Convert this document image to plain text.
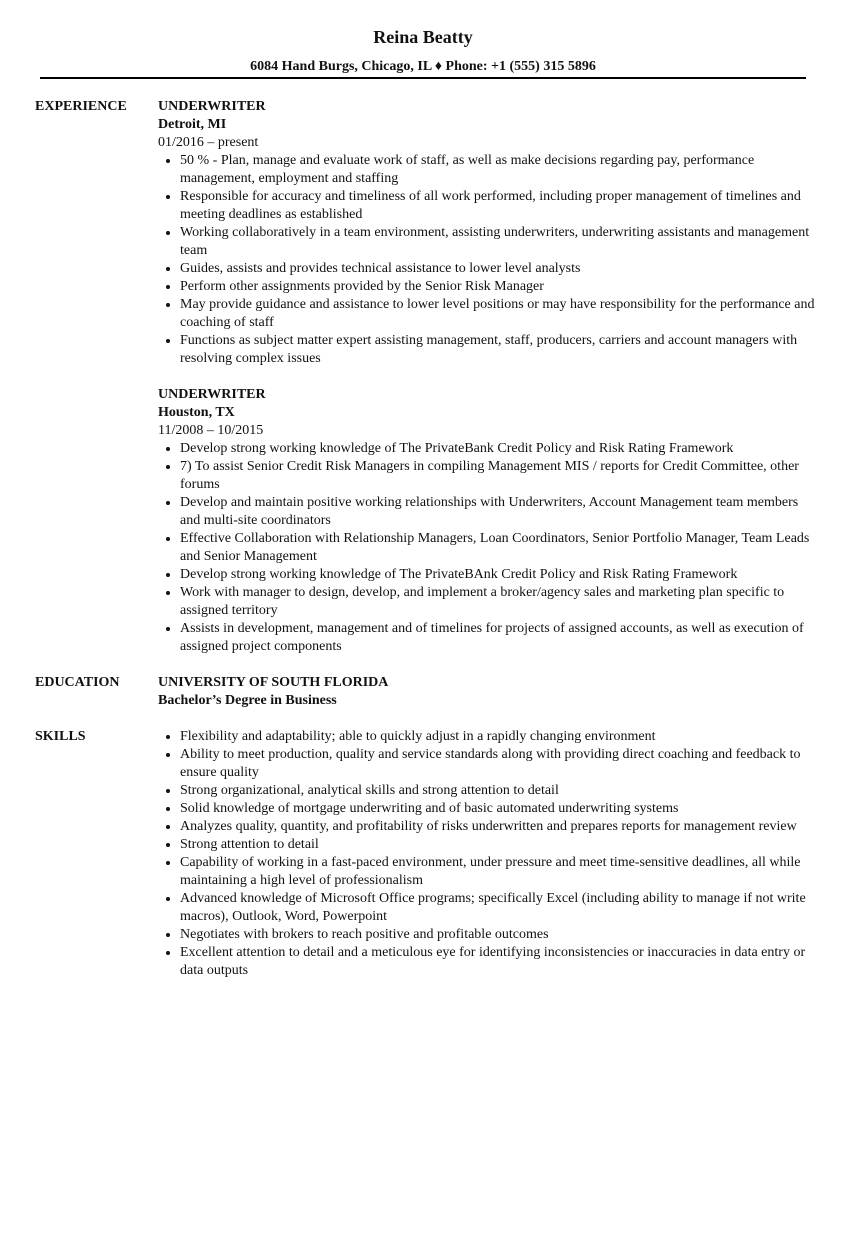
Reina Beatty
6084 Hand Burgs, Chicago, IL ♦ Phone: +1 (555) 315 5896
EXPERIENCE UNDERWRITER
Detroit, MI
01/2016 – present
50 % - Plan, manage and evaluate work of staff, as well as make decisions regarding pay, performance management, employment and staffing
Responsible for accuracy and timeliness of all work performed, including proper management of timelines and meeting deadlines as established
Working collaboratively in a team environment, assisting underwriters, underwriting assistants and management team
Guides, assists and provides technical assistance to lower level analysts
Perform other assignments provided by the Senior Risk Manager
May provide guidance and assistance to lower level positions or may have responsibility for the performance and coaching of staff
Functions as subject matter expert assisting management, staff, producers, carriers and account managers with resolving complex issues
UNDERWRITER
Houston, TX
11/2008 – 10/2015
Develop strong working knowledge of The PrivateBank Credit Policy and Risk Rating Framework
7) To assist Senior Credit Risk Managers in compiling Management MIS / reports for Credit Committee, other forums
Develop and maintain positive working relationships with Underwriters, Account Management team members and multi-site coordinators
Effective Collaboration with Relationship Managers, Loan Coordinators, Senior Portfolio Manager, Team Leads and Senior Management
Develop strong working knowledge of The PrivateBAnk Credit Policy and Risk Rating Framework
Work with manager to design, develop, and implement a broker/agency sales and marketing plan specific to assigned territory
Assists in development, management and of timelines for projects of assigned accounts, as well as execution of assigned project components
EDUCATION	UNIVERSITY OF SOUTH FLORIDA
Bachelor’s Degree in Business
SKILLS	Flexibility and adaptability; able to quickly adjust in a rapidly changing environment
Ability to meet production, quality and service standards along with providing direct coaching and feedback to ensure quality
Strong organizational, analytical skills and strong attention to detail
Solid knowledge of mortgage underwriting and of basic automated underwriting systems
Analyzes quality, quantity, and profitability of risks underwritten and prepares reports for management review
Strong attention to detail
Capability of working in a fast-paced environment, under pressure and meet time-sensitive deadlines, all while maintaining a high level of professionalism
Advanced knowledge of Microsoft Office programs; specifically Excel (including ability to manage if not write macros), Outlook, Word, Powerpoint
Negotiates with brokers to reach positive and profitable outcomes
Excellent attention to detail and a meticulous eye for identifying inconsistencies or inaccuracies in data entry or data outputs
